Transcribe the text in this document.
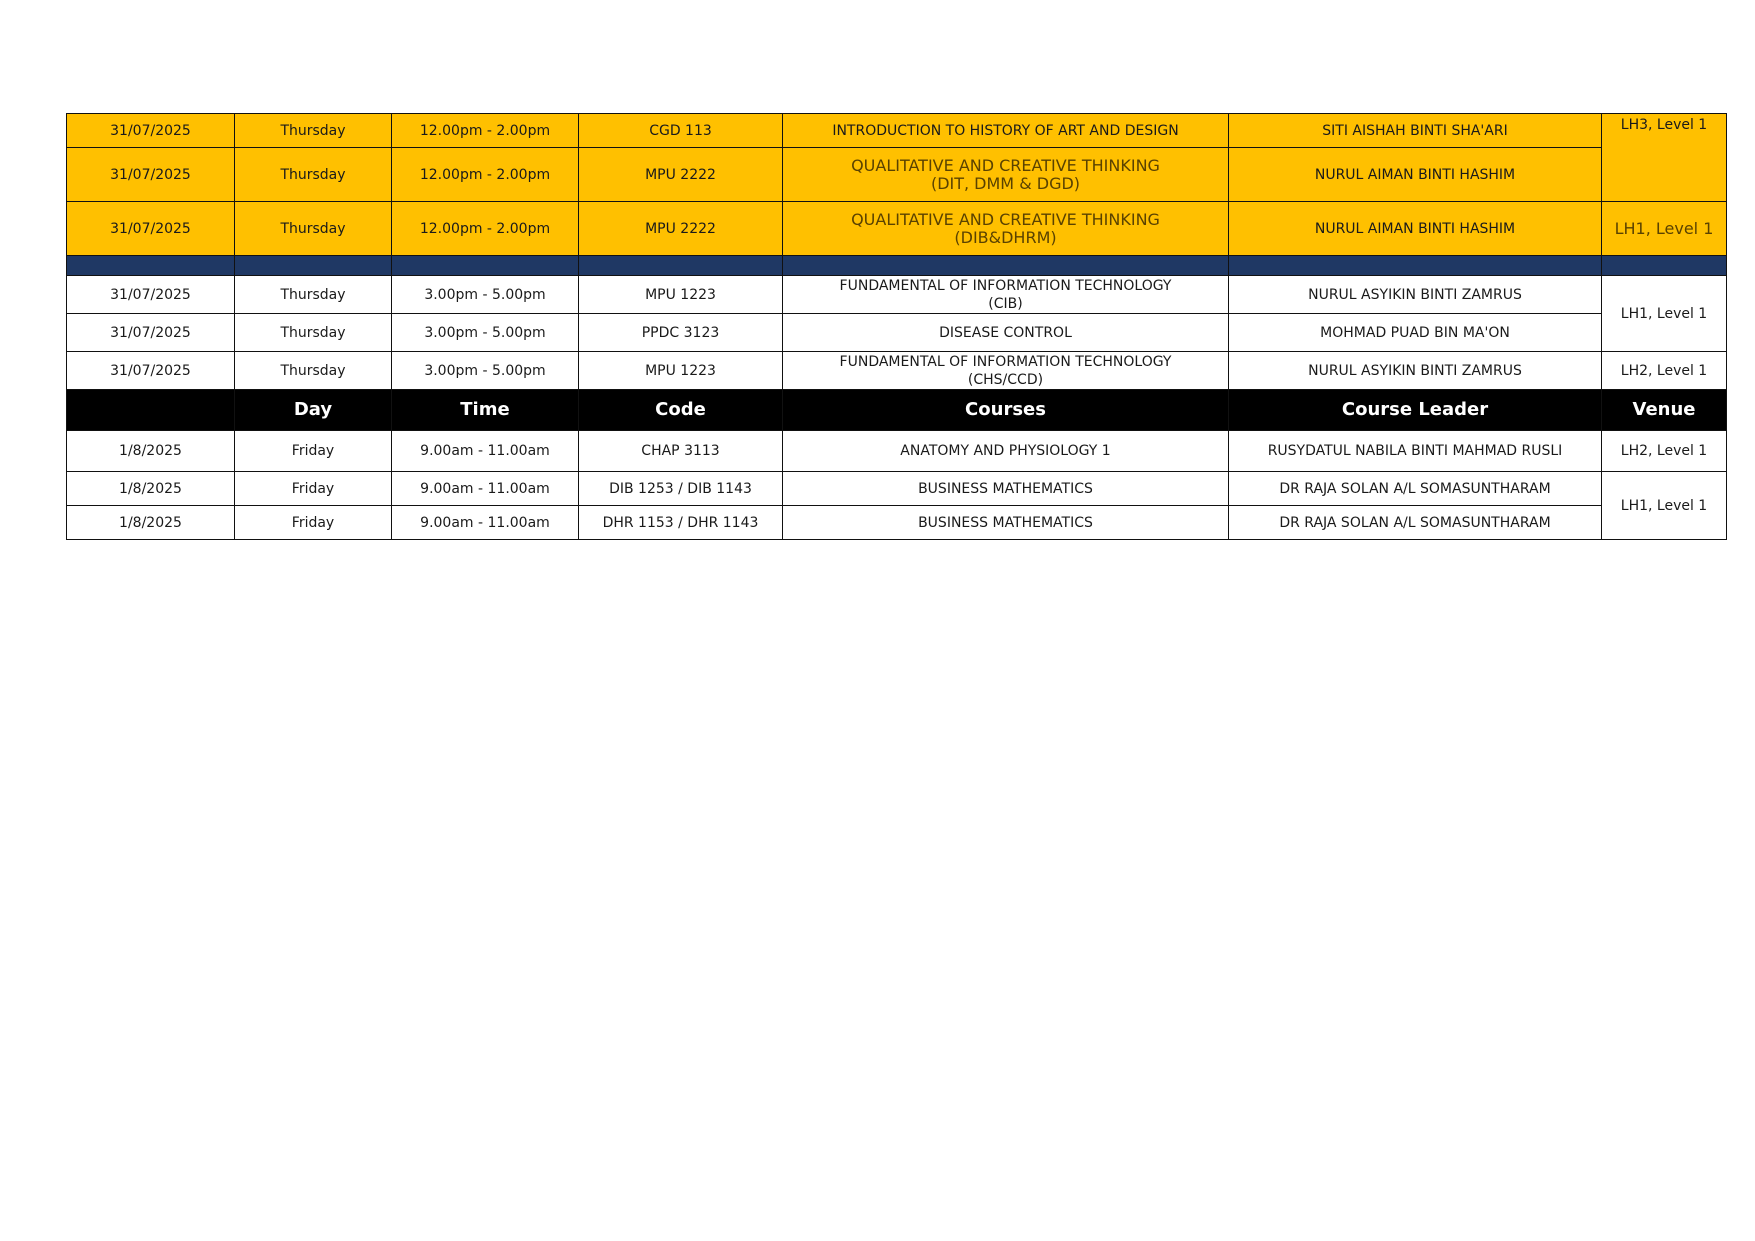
31/07/2025	Thursday	12.00pm - 2.00pm	CGD 113	INTRODUCTION TO HISTORY OF ART AND DESIGN	SITI AISHAH BINTI SHA'ARI	LH3, Level 1
31/07/2025	Thursday	12.00pm - 2.00pm	MPU 2222	QUALITATIVE AND CREATIVE THINKING
(DIT, DMM & DGD)	NURUL AIMAN BINTI HASHIM	
31/07/2025	Thursday	12.00pm - 2.00pm	MPU 2222	QUALITATIVE AND CREATIVE THINKING
(DIB&DHRM)	NURUL AIMAN BINTI HASHIM	LH1, Level 1

31/07/2025	Thursday	3.00pm - 5.00pm	MPU 1223	FUNDAMENTAL OF INFORMATION TECHNOLOGY
(CIB)	NURUL ASYIKIN BINTI ZAMRUS	LH1, Level 1
31/07/2025	Thursday	3.00pm - 5.00pm	PPDC 3123	DISEASE CONTROL	MOHMAD PUAD BIN MA'ON	
31/07/2025	Thursday	3.00pm - 5.00pm	MPU 1223	FUNDAMENTAL OF INFORMATION TECHNOLOGY
(CHS/CCD)	NURUL ASYIKIN BINTI ZAMRUS	LH2, Level 1
	Day	Time	Code	Courses	Course Leader	Venue
1/8/2025	Friday	9.00am - 11.00am	CHAP 3113	ANATOMY AND PHYSIOLOGY 1	RUSYDATUL NABILA BINTI MAHMAD RUSLI	LH2, Level 1
1/8/2025	Friday	9.00am - 11.00am	DIB 1253 / DIB 1143	BUSINESS MATHEMATICS	DR RAJA SOLAN A/L SOMASUNTHARAM	LH1, Level 1
1/8/2025	Friday	9.00am - 11.00am	DHR 1153 / DHR 1143	BUSINESS MATHEMATICS	DR RAJA SOLAN A/L SOMASUNTHARAM	
